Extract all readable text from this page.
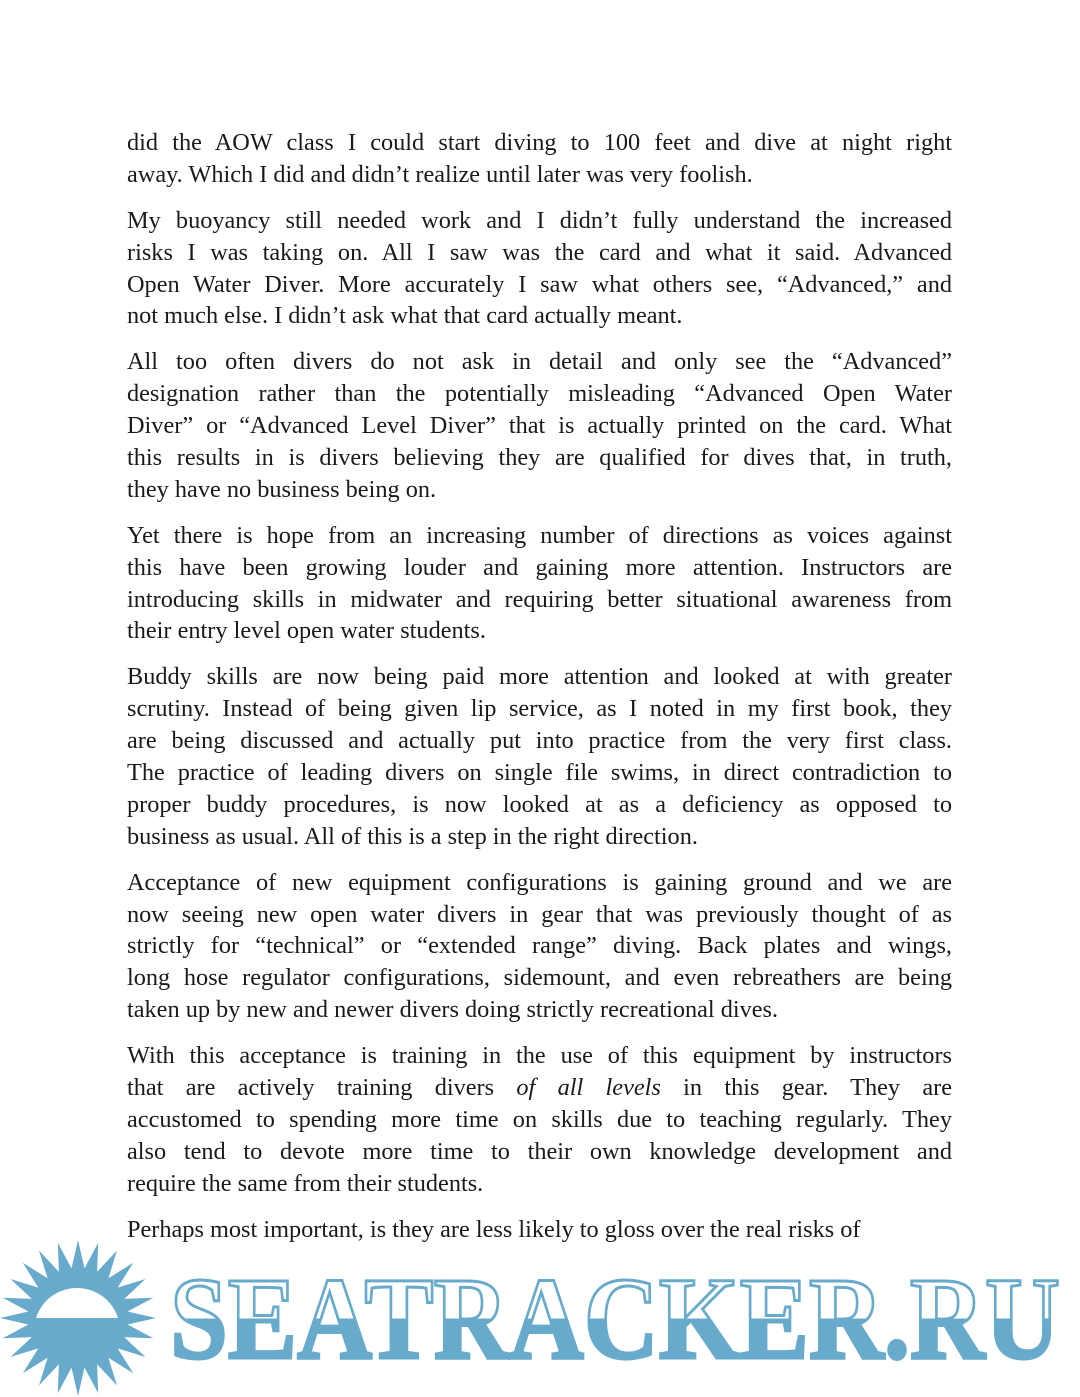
did the AOW class I could start diving to 100 feet and dive at night right
away. Which I did and didn’t realize until later was very foolish.
My buoyancy still needed work and I didn’t fully understand the increased
risks I was taking on. All I saw was the card and what it said. Advanced
Open Water Diver. More accurately I saw what others see, “Advanced,” and
not much else. I didn’t ask what that card actually meant.
All too often divers do not ask in detail and only see the “Advanced”
designation rather than the potentially misleading “Advanced Open Water
Diver” or “Advanced Level Diver” that is actually printed on the card. What
this results in is divers believing they are qualified for dives that, in truth,
they have no business being on.
Yet there is hope from an increasing number of directions as voices against
this have been growing louder and gaining more attention. Instructors are
introducing skills in midwater and requiring better situational awareness from
their entry level open water students.
Buddy skills are now being paid more attention and looked at with greater
scrutiny. Instead of being given lip service, as I noted in my first book, they
are being discussed and actually put into practice from the very first class.
The practice of leading divers on single file swims, in direct contradiction to
proper buddy procedures, is now looked at as a deficiency as opposed to
business as usual. All of this is a step in the right direction.
Acceptance of new equipment configurations is gaining ground and we are
now seeing new open water divers in gear that was previously thought of as
strictly for “technical” or “extended range” diving. Back plates and wings,
long hose regulator configurations, sidemount, and even rebreathers are being
taken up by new and newer divers doing strictly recreational dives.
With this acceptance is training in the use of this equipment by instructors
that are actively training divers of all levels in this gear. They are
accustomed to spending more time on skills due to teaching regularly. They
also tend to devote more time to their own knowledge development and
require the same from their students.
Perhaps most important, is they are less likely to gloss over the real risks of
SEATRACKER.RU
